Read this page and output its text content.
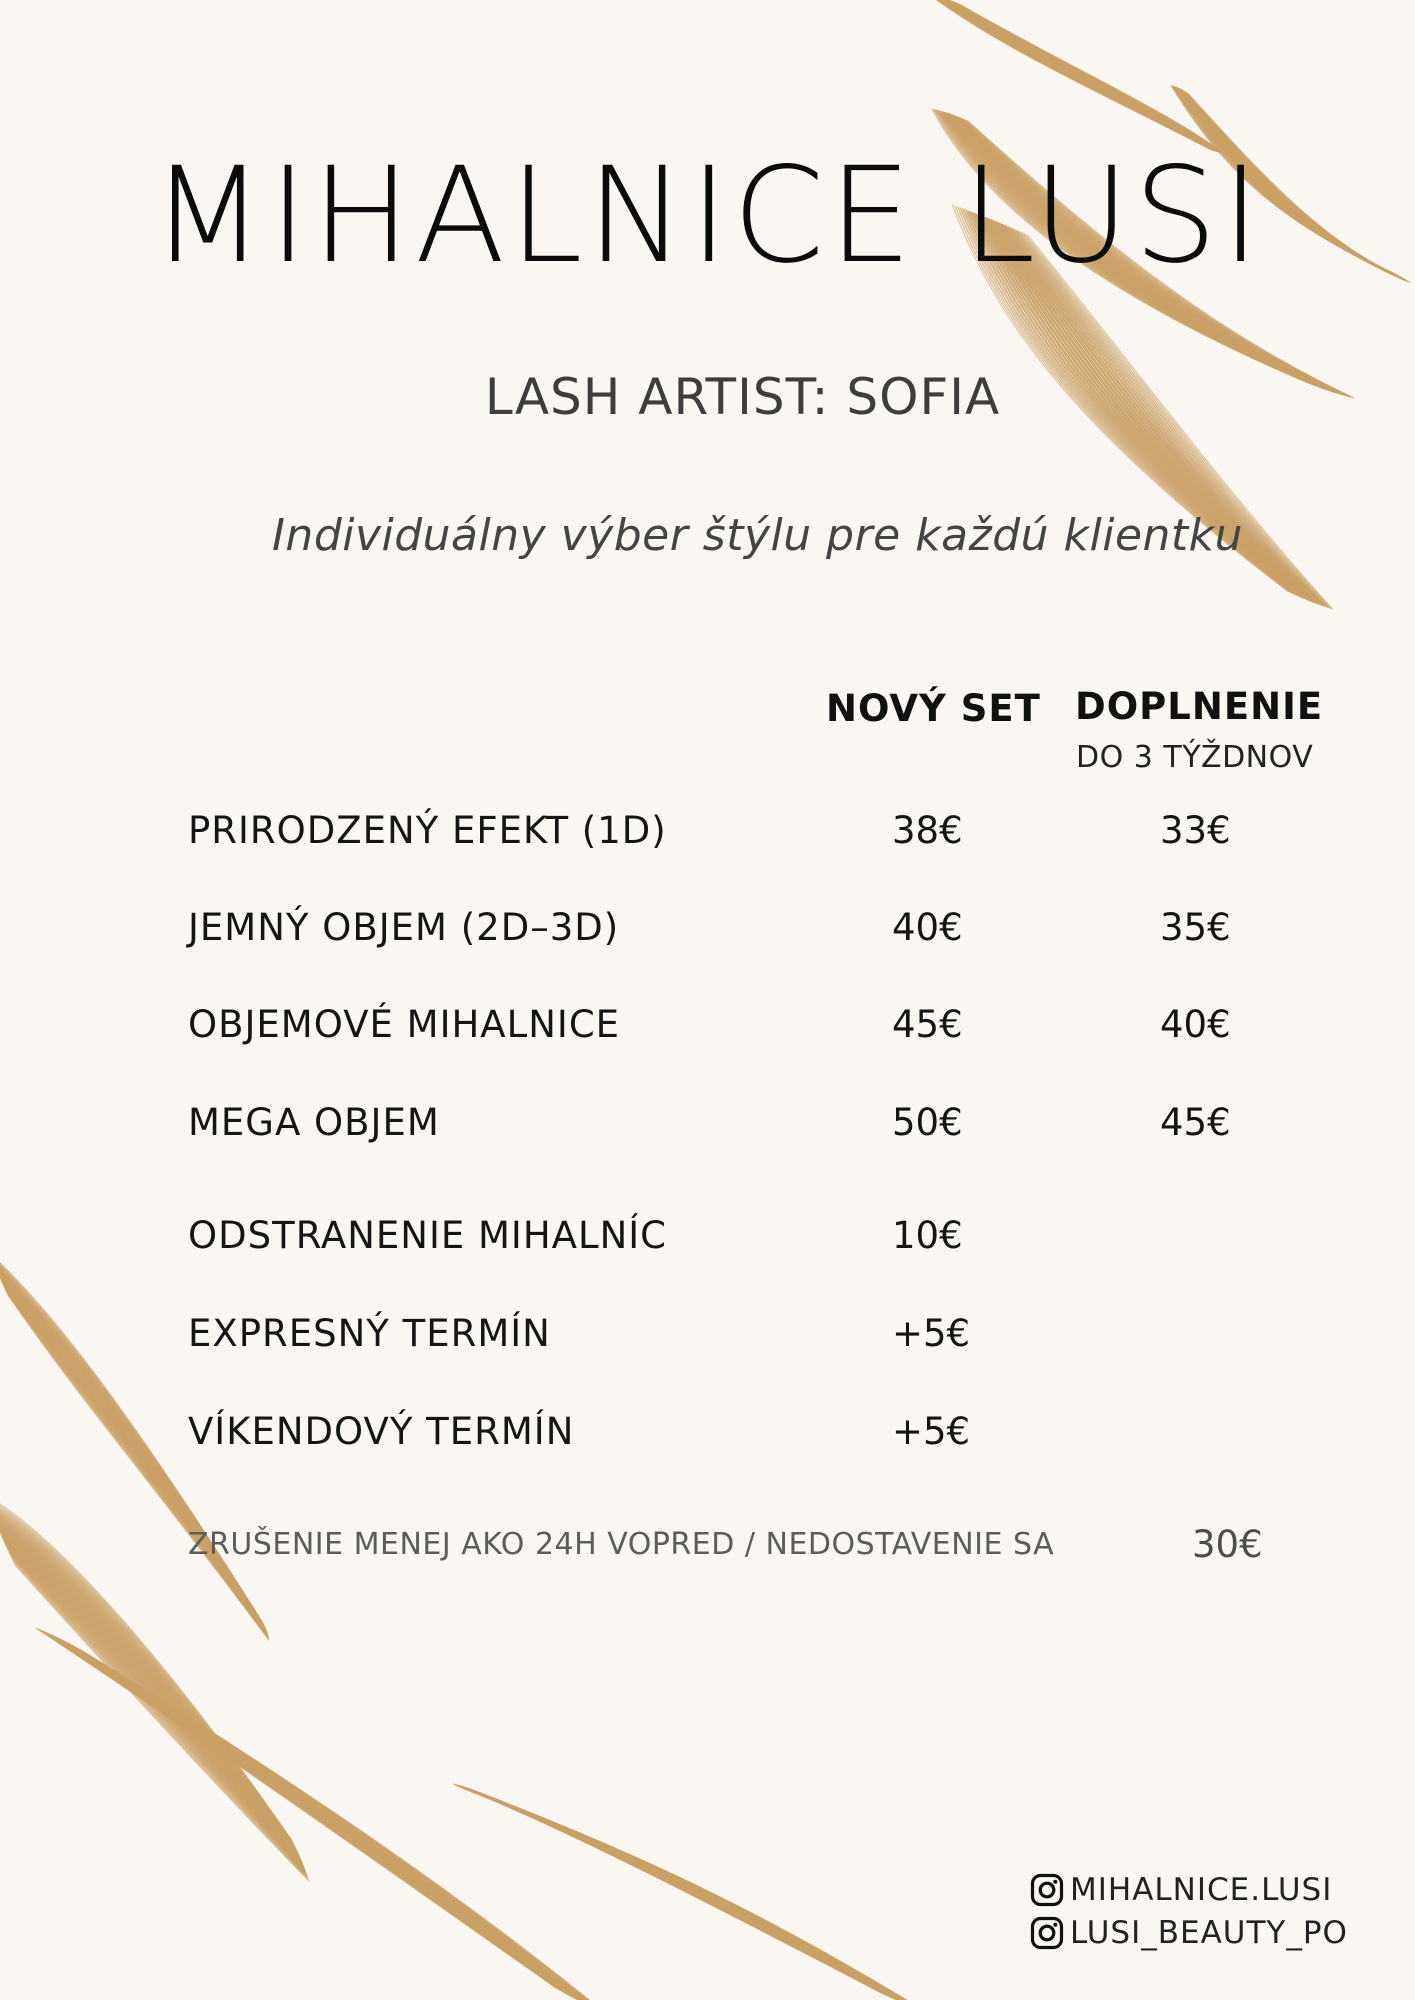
MIHALNICE LUSI
LASH ARTIST: SOFIA
Individuálny výber štýlu pre každú klientku
NOVÝ SET DOPLNENIE
DO 3 TÝŽDNOV
PRIRODZENÝ EFEKT (1D)	38€	33€
JEMNÝ OBJEM (2D–3D)	40€	35€
OBJEMOVÉ MIHALNICE	45€	40€
MEGA OBJEM	50€	45€
ODSTRANENIE MIHALNÍC	10€
EXPRESNÝ TERMÍN	+5€
VÍKENDOVÝ TERMÍN	+5€
ZRUŠENIE MENEJ AKO 24H VOPRED / NEDOSTAVENIE SA	30€
MIHALNICE.LUSI
LUSI_BEAUTY_PO
